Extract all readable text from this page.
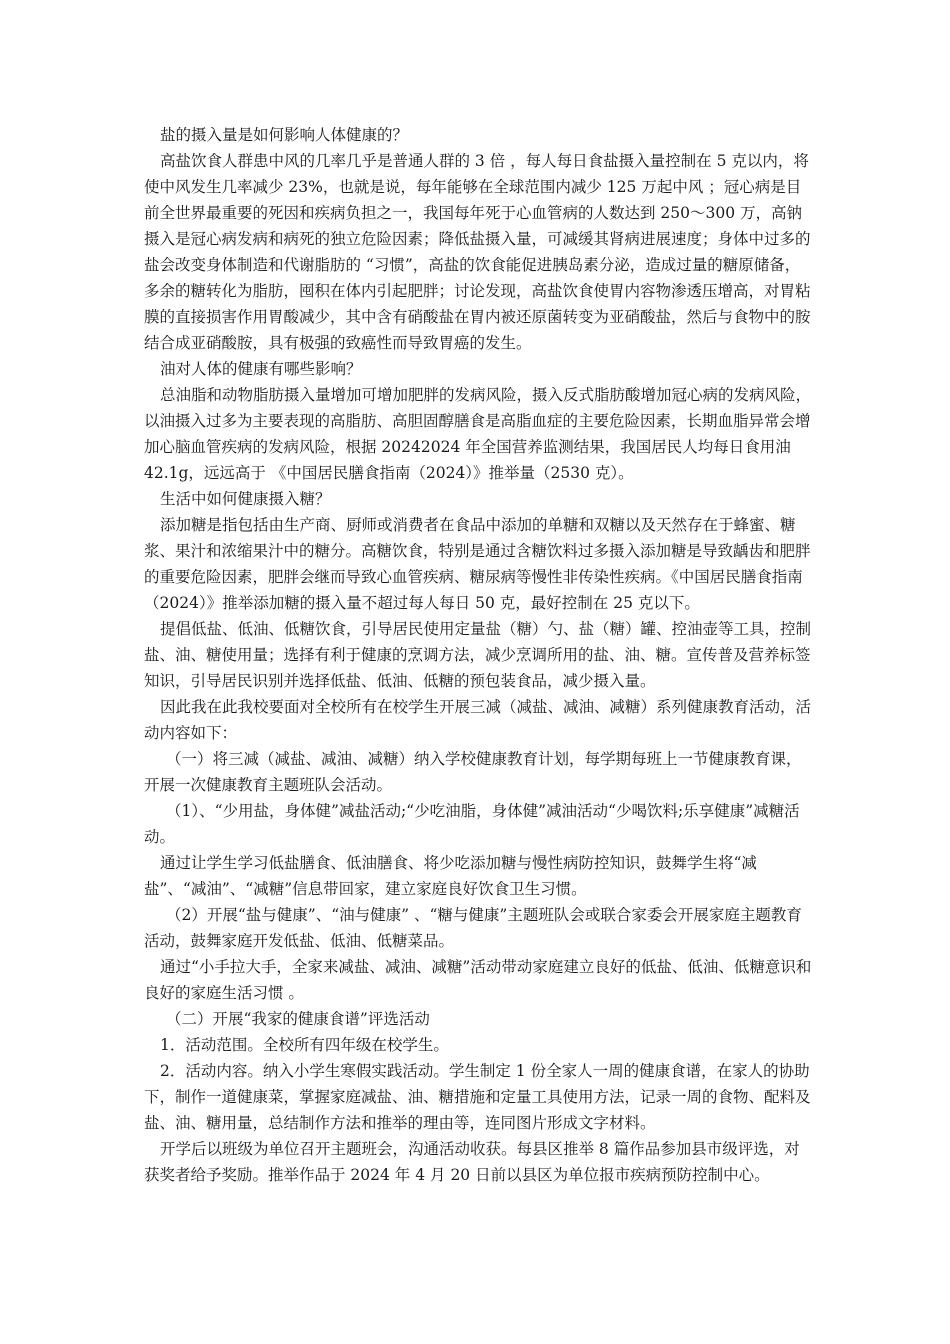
盐的摄入量是如何影响人体健康的？

高盐饮食人群患中风的几率几乎是普通人群的 3 倍 ，每人每日食盐摄入量控制在 5 克以内，将使中风发生几率减少 23%，也就是说，每年能够在全球范围内减少 125 万起中风 ；冠心病是目前全世界最重要的死因和疾病负担之一，我国每年死于心血管病的人数达到 250～300 万，高钠摄入是冠心病发病和病死的独立危险因素；降低盐摄入量，可减缓其肾病进展速度；身体中过多的盐会改变身体制造和代谢脂肪的 “习惯”，高盐的饮食能促进胰岛素分泌，造成过量的糖原储备，多余的糖转化为脂肪，囤积在体内引起肥胖；讨论发现，高盐饮食使胃内容物渗透压增高，对胃粘膜的直接损害作用胃酸减少，其中含有硝酸盐在胃内被还原菌转变为亚硝酸盐，然后与食物中的胺结合成亚硝酸胺，具有极强的致癌性而导致胃癌的发生。

油对人体的健康有哪些影响？

总油脂和动物脂肪摄入量增加可增加肥胖的发病风险，摄入反式脂肪酸增加冠心病的发病风险，以油摄入过多为主要表现的高脂肪、高胆固醇膳食是高脂血症的主要危险因素，长期血脂异常会增加心脑血管疾病的发病风险，根据 20242024 年全国营养监测结果，我国居民人均每日食用油 42.1g，远远高于 《中国居民膳食指南（2024）》推举量（2530 克）。

生活中如何健康摄入糖？

添加糖是指包括由生产商、厨师或消费者在食品中添加的单糖和双糖以及天然存在于蜂蜜、糖浆、果汁和浓缩果汁中的糖分。高糖饮食，特别是通过含糖饮料过多摄入添加糖是导致龋齿和肥胖的重要危险因素，肥胖会继而导致心血管疾病、糖尿病等慢性非传染性疾病。《中国居民膳食指南（2024）》推举添加糖的摄入量不超过每人每日 50 克，最好控制在 25 克以下。

提倡低盐、低油、低糖饮食，引导居民使用定量盐（糖）勺、盐（糖）罐、控油壶等工具，控制盐、油、糖使用量；选择有利于健康的烹调方法，减少烹调所用的盐、油、糖。宣传普及营养标签知识，引导居民识别并选择低盐、低油、低糖的预包装食品，减少摄入量。

因此我在此我校要面对全校所有在校学生开展三减（减盐、减油、减糖）系列健康教育活动，活动内容如下：

（一）将三减（减盐、减油、减糖）纳入学校健康教育计划，每学期每班上一节健康教育课，开展一次健康教育主题班队会活动。

（1）、“少用盐，身体健”减盐活动;“少吃油脂，身体健”减油活动“少喝饮料;乐享健康”减糖活动。

通过让学生学习低盐膳食、低油膳食、将少吃添加糖与慢性病防控知识，鼓舞学生将“减盐”、“减油”、“减糖”信息带回家，建立家庭良好饮食卫生习惯。

（2）开展“盐与健康”、“油与健康” 、“糖与健康”主题班队会或联合家委会开展家庭主题教育活动，鼓舞家庭开发低盐、低油、低糖菜品。

通过“小手拉大手，全家来减盐、减油、减糖”活动带动家庭建立良好的低盐、低油、低糖意识和良好的家庭生活习惯 。

（二）开展“我家的健康食谱”评选活动

1．活动范围。全校所有四年级在校学生。

2．活动内容。纳入小学生寒假实践活动。学生制定 1 份全家人一周的健康食谱，在家人的协助下，制作一道健康菜，掌握家庭减盐、油、糖措施和定量工具使用方法，记录一周的食物、配料及盐、油、糖用量，总结制作方法和推举的理由等，连同图片形成文字材料。

开学后以班级为单位召开主题班会，沟通活动收获。每县区推举 8 篇作品参加县市级评选，对获奖者给予奖励。推举作品于 2024 年 4 月 20 日前以县区为单位报市疾病预防控制中心。
